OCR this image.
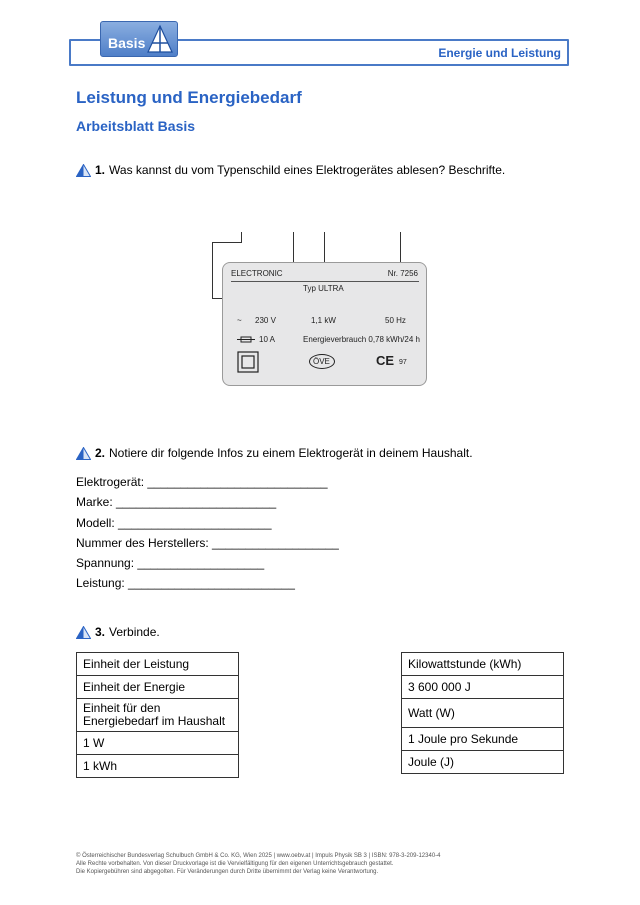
Energie und Leistung
Basis
Leistung und Energiebedarf
Arbeitsblatt Basis
1. Was kannst du vom Typenschild eines Elektrogerätes ablesen? Beschrifte.
ELECTRONIC	Nr. 7256
Typ ULTRA
~ 230 V	1,1 kW	50 Hz
10 A	Energieverbrauch 0,78 kWh/24 h
ÖVE	CE 97
2. Notiere dir folgende Infos zu einem Elektrogerät in deinem Haushalt.
Elektrogerät: ___________________________
Marke: ________________________
Modell: _______________________
Nummer des Herstellers: ___________________
Spannung: ___________________
Leistung: _________________________
3. Verbinde.
Einheit der Leistung
Einheit der Energie
Einheit für den Energiebedarf im Haushalt
1 W
1 kWh
Kilowattstunde (kWh)
3 600 000 J
Watt (W)
1 Joule pro Sekunde
Joule (J)
© Österreichischer Bundesverlag Schulbuch GmbH & Co. KG, Wien 2025 | www.oebv.at | Impuls Physik SB 3 | ISBN: 978-3-209-12340-4
Alle Rechte vorbehalten. Von dieser Druckvorlage ist die Vervielfältigung für den eigenen Unterrichtsgebrauch gestattet.
Die Kopiergebühren sind abgegolten. Für Veränderungen durch Dritte übernimmt der Verlag keine Verantwortung.
